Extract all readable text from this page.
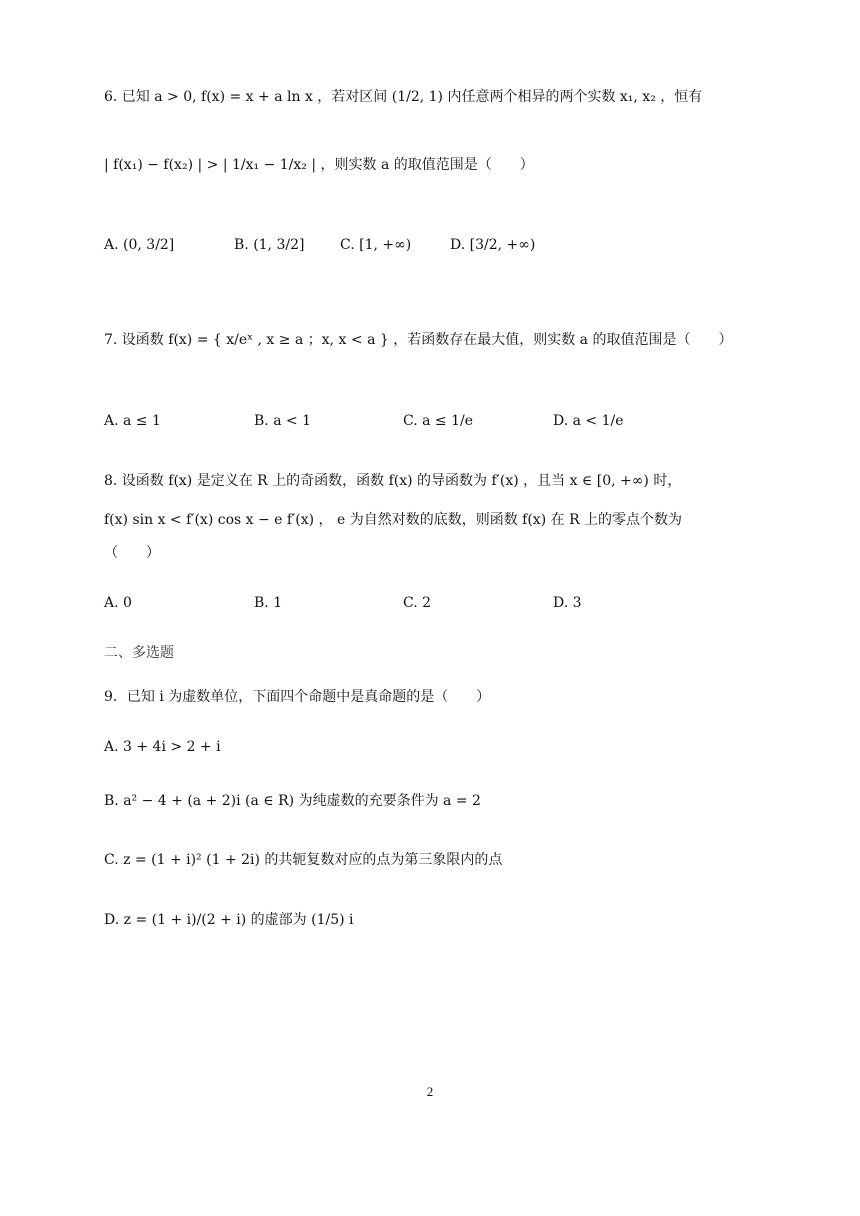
6. 已知 a > 0, f(x) = x + a ln x ，若对区间 (1/2, 1) 内任意两个相异的两个实数 x₁, x₂ ，恒有
| f(x₁) − f(x₂) | > | 1/x₁ − 1/x₂ | ，则实数 a 的取值范围是（　　）
A. (0, 3/2]	B. (1, 3/2]	C. [1, +∞)	D. [3/2, +∞)
7. 设函数 f(x) = { x/eˣ , x ≥ a ；x, x < a } ，若函数存在最大值，则实数 a 的取值范围是（　　）
A. a ≤ 1	B. a < 1	C. a ≤ 1/e	D. a < 1/e
8. 设函数 f(x) 是定义在 R 上的奇函数，函数 f(x) 的导函数为 f′(x) ，且当 x ∈ [0, +∞) 时，
f(x) sin x < f′(x) cos x − e f′(x) ， e 为自然对数的底数，则函数 f(x) 在 R 上的零点个数为
（　　）
A. 0	B. 1	C. 2	D. 3
二、多选题
9．已知 i 为虚数单位，下面四个命题中是真命题的是（　　）
A. 3 + 4i > 2 + i
B. a² − 4 + (a + 2)i (a ∈ R) 为纯虚数的充要条件为 a = 2
C. z = (1 + i)² (1 + 2i) 的共轭复数对应的点为第三象限内的点
D. z = (1 + i)/(2 + i) 的虚部为 (1/5) i
2
